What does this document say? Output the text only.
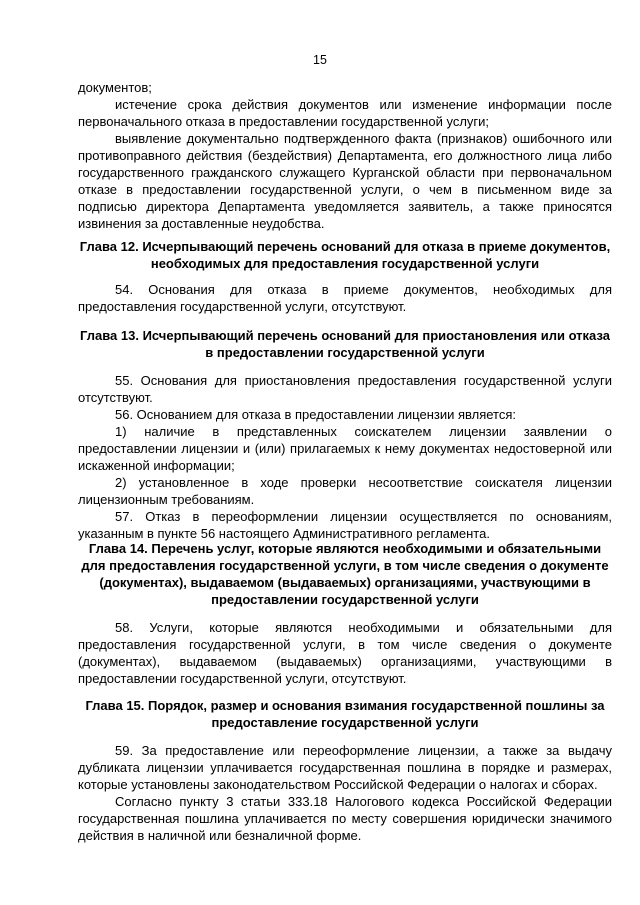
15

документов;

истечение срока действия документов или изменение информации после первоначального отказа в предоставлении государственной услуги;

выявление документально подтвержденного факта (признаков) ошибочного или противоправного действия (бездействия) Департамента, его должностного лица либо государственного гражданского служащего Курганской области при первоначальном отказе в предоставлении государственной услуги, о чем в письменном виде за подписью директора Департамента уведомляется заявитель, а также приносятся извинения за доставленные неудобства.

Глава 12. Исчерпывающий перечень оснований для отказа в приеме документов, необходимых для предоставления государственной услуги

54. Основания для отказа в приеме документов, необходимых для предоставления государственной услуги, отсутствуют.

Глава 13. Исчерпывающий перечень оснований для приостановления или отказа в предоставлении государственной услуги

55. Основания для приостановления предоставления государственной услуги отсутствуют.

56. Основанием для отказа в предоставлении лицензии является:

1) наличие в представленных соискателем лицензии заявлении о предоставлении лицензии и (или) прилагаемых к нему документах недостоверной или искаженной информации;

2) установленное в ходе проверки несоответствие соискателя лицензии лицензионным требованиям.

57. Отказ в переоформлении лицензии осуществляется по основаниям, указанным в пункте 56 настоящего Административного регламента.

Глава 14. Перечень услуг, которые являются необходимыми и обязательными для предоставления государственной услуги, в том числе сведения о документе (документах), выдаваемом (выдаваемых) организациями, участвующими в предоставлении государственной услуги

58. Услуги, которые являются необходимыми и обязательными для предоставления государственной услуги, в том числе сведения о документе (документах), выдаваемом (выдаваемых) организациями, участвующими в предоставлении государственной услуги, отсутствуют.

Глава 15. Порядок, размер и основания взимания государственной пошлины за предоставление государственной услуги

59. За предоставление или переоформление лицензии, а также за выдачу дубликата лицензии уплачивается государственная пошлина в порядке и размерах, которые установлены законодательством Российской Федерации о налогах и сборах.

Согласно пункту 3 статьи 333.18 Налогового кодекса Российской Федерации государственная пошлина уплачивается по месту совершения юридически значимого действия в наличной или безналичной форме.
